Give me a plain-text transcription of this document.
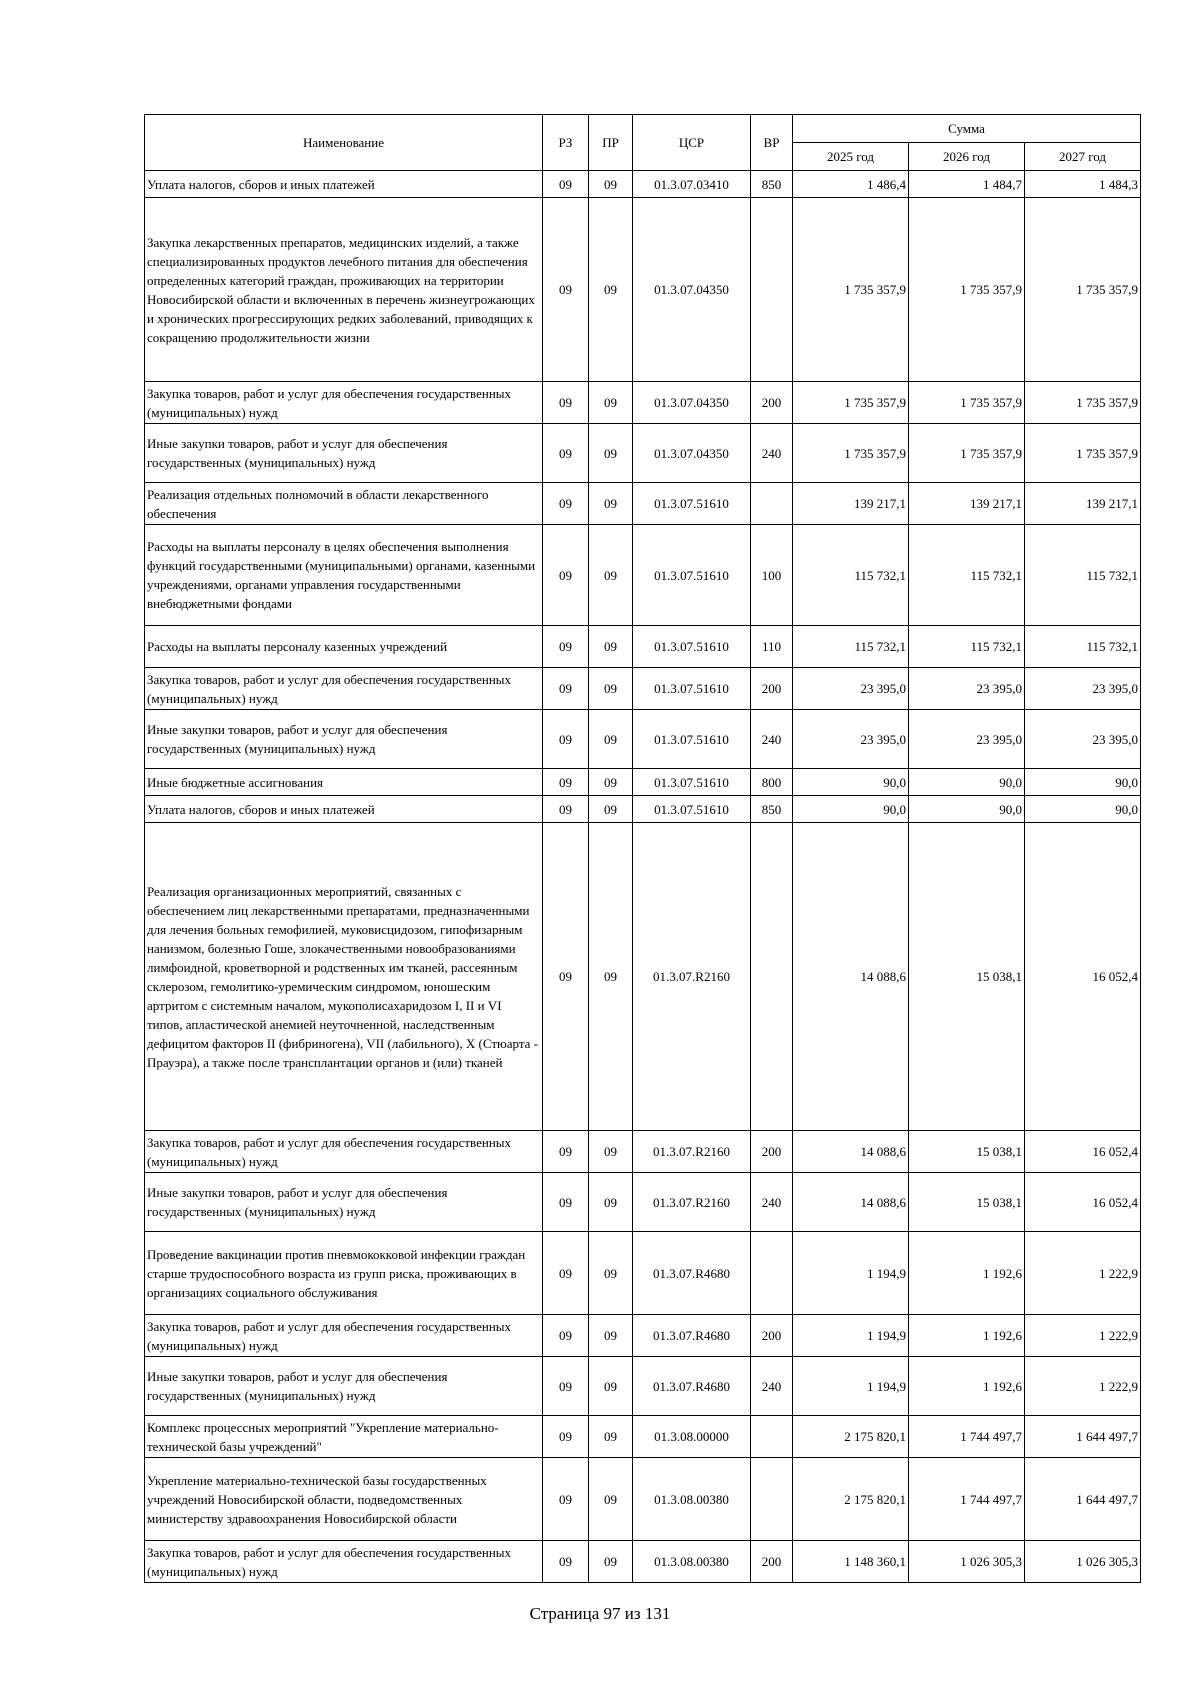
Наименование	РЗ	ПР	ЦСР	ВР	Сумма		
					2025 год	2026 год	2027 год
Уплата налогов, сборов и иных платежей	09	09	01.3.07.03410	850	1 486,4	1 484,7	1 484,3
Закупка лекарственных препаратов, медицинских изделий, а также специализированных продуктов лечебного питания для обеспечения определенных категорий граждан, проживающих на территории Новосибирской области и включенных в перечень жизнеугрожающих и хронических прогрессирующих редких заболеваний, приводящих к сокращению продолжительности жизни	09	09	01.3.07.04350		1 735 357,9	1 735 357,9	1 735 357,9
Закупка товаров, работ и услуг для обеспечения государственных (муниципальных) нужд	09	09	01.3.07.04350	200	1 735 357,9	1 735 357,9	1 735 357,9
Иные закупки товаров, работ и услуг для обеспечения государственных (муниципальных) нужд	09	09	01.3.07.04350	240	1 735 357,9	1 735 357,9	1 735 357,9
Реализация отдельных полномочий в области лекарственного обеспечения	09	09	01.3.07.51610		139 217,1	139 217,1	139 217,1
Расходы на выплаты персоналу в целях обеспечения выполнения функций государственными (муниципальными) органами, казенными учреждениями, органами управления государственными внебюджетными фондами	09	09	01.3.07.51610	100	115 732,1	115 732,1	115 732,1
Расходы на выплаты персоналу казенных учреждений	09	09	01.3.07.51610	110	115 732,1	115 732,1	115 732,1
Закупка товаров, работ и услуг для обеспечения государственных (муниципальных) нужд	09	09	01.3.07.51610	200	23 395,0	23 395,0	23 395,0
Иные закупки товаров, работ и услуг для обеспечения государственных (муниципальных) нужд	09	09	01.3.07.51610	240	23 395,0	23 395,0	23 395,0
Иные бюджетные ассигнования	09	09	01.3.07.51610	800	90,0	90,0	90,0
Уплата налогов, сборов и иных платежей	09	09	01.3.07.51610	850	90,0	90,0	90,0
Реализация организационных мероприятий, связанных с обеспечением лиц лекарственными препаратами, предназначенными для лечения больных гемофилией, муковисцидозом, гипофизарным нанизмом, болезнью Гоше, злокачественными новообразованиями лимфоидной, кроветворной и родственных им тканей, рассеянным склерозом, гемолитико-уремическим синдромом, юношеским артритом с системным началом, мукополисахаридозом I, II и VI типов, апластической анемией неуточненной, наследственным дефицитом факторов II (фибриногена), VII (лабильного), X (Стюарта - Прауэра), а также после трансплантации органов и (или) тканей	09	09	01.3.07.R2160		14 088,6	15 038,1	16 052,4
Закупка товаров, работ и услуг для обеспечения государственных (муниципальных) нужд	09	09	01.3.07.R2160	200	14 088,6	15 038,1	16 052,4
Иные закупки товаров, работ и услуг для обеспечения государственных (муниципальных) нужд	09	09	01.3.07.R2160	240	14 088,6	15 038,1	16 052,4
Проведение вакцинации против пневмококковой инфекции граждан старше трудоспособного возраста из групп риска, проживающих в организациях социального обслуживания	09	09	01.3.07.R4680		1 194,9	1 192,6	1 222,9
Закупка товаров, работ и услуг для обеспечения государственных (муниципальных) нужд	09	09	01.3.07.R4680	200	1 194,9	1 192,6	1 222,9
Иные закупки товаров, работ и услуг для обеспечения государственных (муниципальных) нужд	09	09	01.3.07.R4680	240	1 194,9	1 192,6	1 222,9
Комплекс процессных мероприятий "Укрепление материально-технической базы учреждений"	09	09	01.3.08.00000		2 175 820,1	1 744 497,7	1 644 497,7
Укрепление материально-технической базы государственных учреждений Новосибирской области, подведомственных министерству здравоохранения Новосибирской области	09	09	01.3.08.00380		2 175 820,1	1 744 497,7	1 644 497,7
Закупка товаров, работ и услуг для обеспечения государственных (муниципальных) нужд	09	09	01.3.08.00380	200	1 148 360,1	1 026 305,3	1 026 305,3
Страница 97 из 131
